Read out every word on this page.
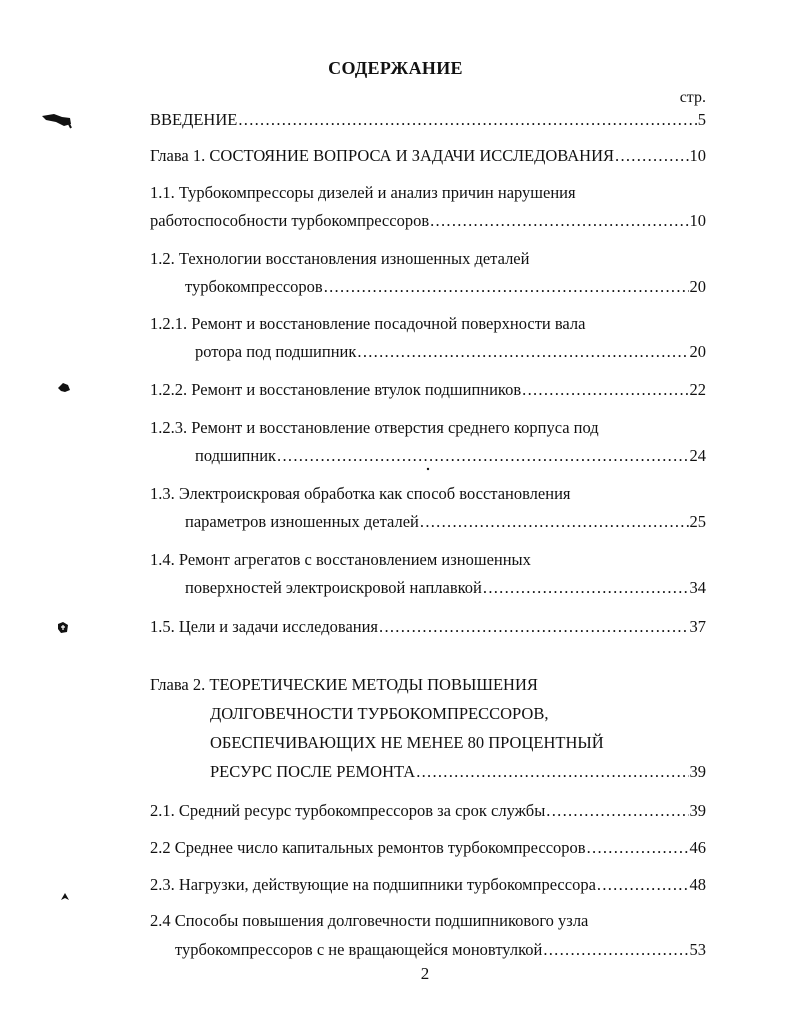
СОДЕРЖАНИЕ
стр.
ВВЕДЕНИЕ .....	5
Глава 1. СОСТОЯНИЕ ВОПРОСА И ЗАДАЧИ ИССЛЕДОВАНИЯ .....	10
1.1. Турбокомпрессоры дизелей и анализ причин нарушения
работоспособности турбокомпрессоров .....	10
1.2. Технологии восстановления изношенных деталей
турбокомпрессоров .....	20
1.2.1. Ремонт и восстановление посадочной поверхности вала
ротора под подшипник .....	20
1.2.2. Ремонт и восстановление втулок подшипников .....	22
1.2.3. Ремонт и восстановление отверстия среднего корпуса под
подшипник .....	24
1.3. Электроискровая обработка как способ восстановления
параметров изношенных деталей .....	25
1.4. Ремонт агрегатов с восстановлением изношенных
поверхностей электроискровой наплавкой .....	34
1.5. Цели и задачи исследования .....	37
Глава 2. ТЕОРЕТИЧЕСКИЕ МЕТОДЫ ПОВЫШЕНИЯ
ДОЛГОВЕЧНОСТИ ТУРБОКОМПРЕССОРОВ,
ОБЕСПЕЧИВАЮЩИХ НЕ МЕНЕЕ 80 ПРОЦЕНТНЫЙ
РЕСУРС ПОСЛЕ РЕМОНТА .....	39
2.1. Средний ресурс турбокомпрессоров за срок службы .....	39
2.2 Среднее число капитальных ремонтов турбокомпрессоров .....	46
2.3. Нагрузки, действующие на подшипники турбокомпрессора .....	48
2.4 Способы повышения долговечности подшипникового узла
турбокомпрессоров с не вращающейся моновтулкой .....	53
2
